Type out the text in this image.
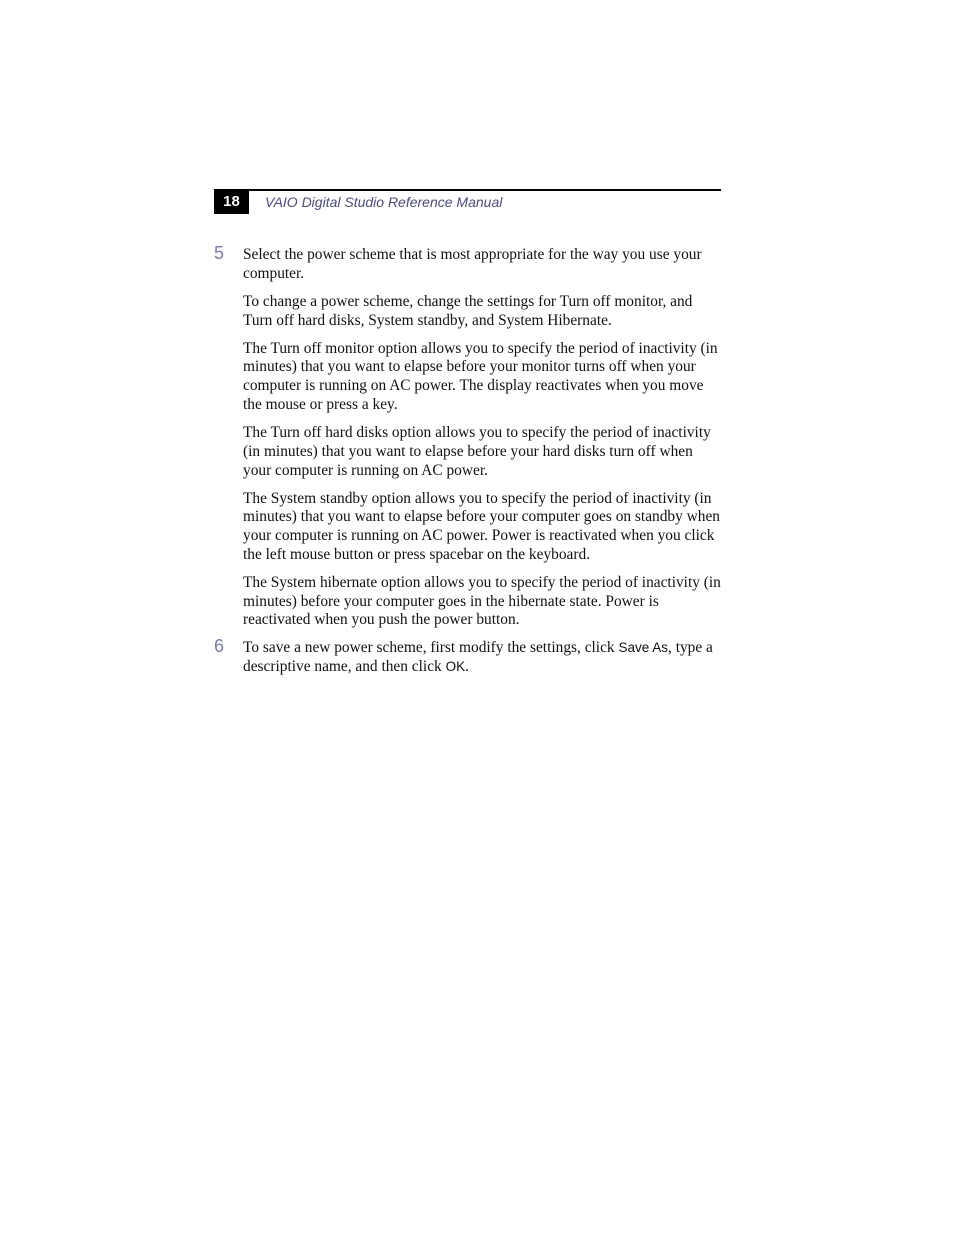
18	VAIO Digital Studio Reference Manual
5 Select the power scheme that is most appropriate for the way you use your computer.

To change a power scheme, change the settings for Turn off monitor, and Turn off hard disks, System standby, and System Hibernate.

The Turn off monitor option allows you to specify the period of inactivity (in minutes) that you want to elapse before your monitor turns off when your computer is running on AC power. The display reactivates when you move the mouse or press a key.

The Turn off hard disks option allows you to specify the period of inactivity (in minutes) that you want to elapse before your hard disks turn off when your computer is running on AC power.

The System standby option allows you to specify the period of inactivity (in minutes) that you want to elapse before your computer goes on standby when your computer is running on AC power. Power is reactivated when you click the left mouse button or press spacebar on the keyboard.

The System hibernate option allows you to specify the period of inactivity (in minutes) before your computer goes in the hibernate state. Power is reactivated when you push the power button.

6 To save a new power scheme, first modify the settings, click Save As, type a descriptive name, and then click OK.
